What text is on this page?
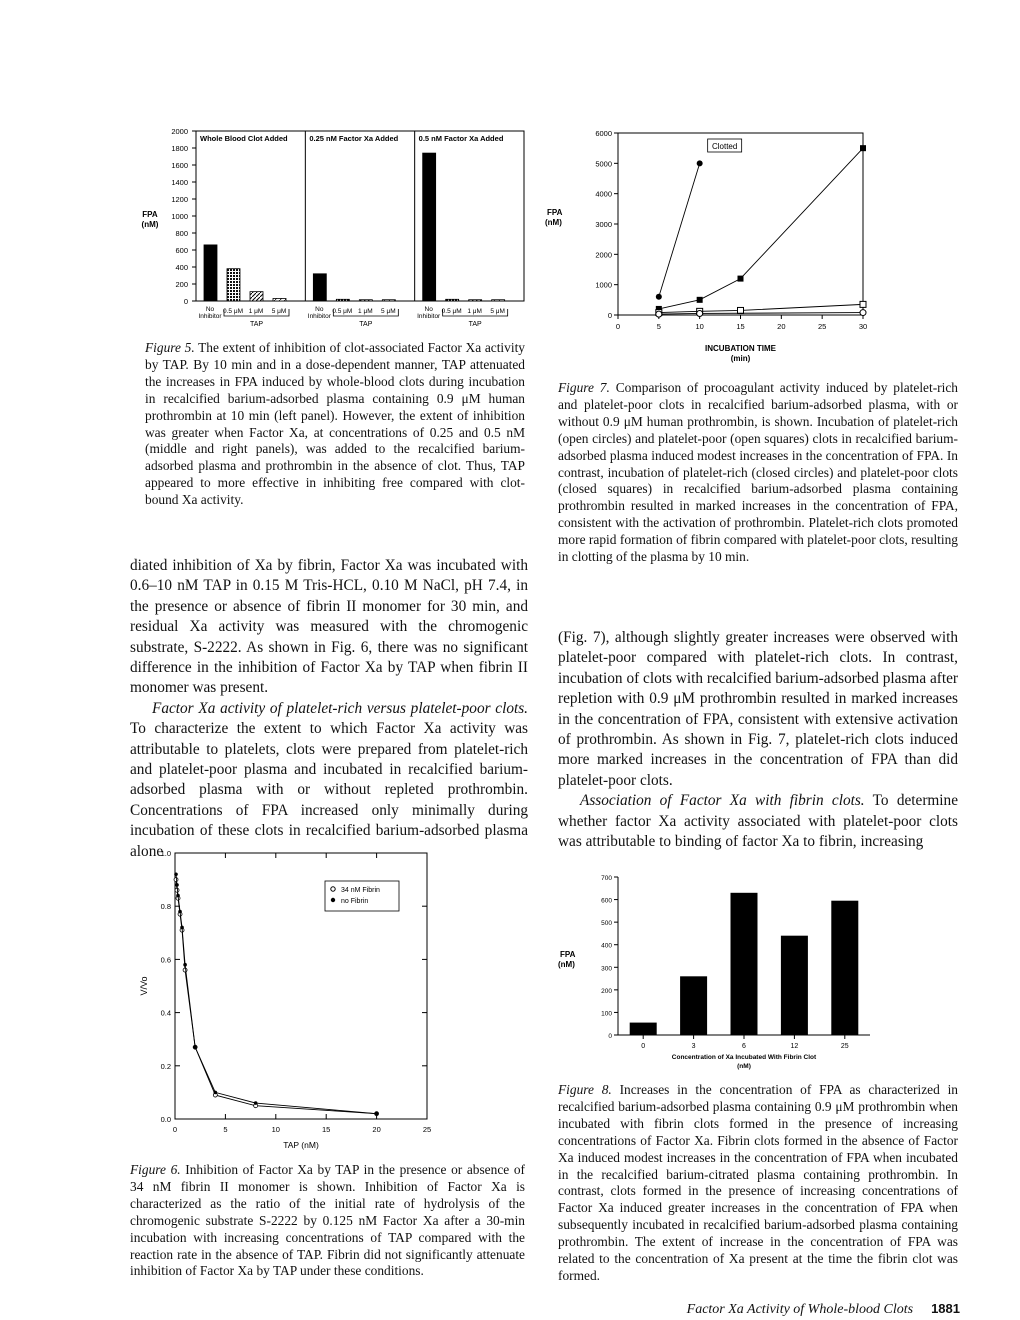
FPA
(nM)
2000
1800
1600
1400
1200
1000
800
600
400
200
0
Whole Blood Clot Added
No
Inhibitor
0.5 μM 1 μM 5 μM
TAP
0.25 nM Factor Xa Added
No
Inhibitor
0.5 μM 1 μM 5 μM
TAP
0.5 nM Factor Xa Added
No
Inhibitor
0.5 μM 1 μM 5 μM
TAP
Figure 5. The extent of inhibition of clot-associated Factor Xa activity by TAP. By 10 min and in a dose-dependent manner, TAP attenuated the increases in FPA induced by whole-blood clots during incubation in recalcified barium-adsorbed plasma containing 0.9 μM human prothrombin at 10 min (left panel). However, the extent of inhibition was greater when Factor Xa, at concentrations of 0.25 and 0.5 nM (middle and right panels), was added to the recalcified barium-adsorbed plasma and prothrombin in the absence of clot. Thus, TAP appeared to more effective in inhibiting free compared with clot-bound Xa activity.
6000
5000
4000
3000
2000
1000
0
0	5	10	15	20	25	30
FPA
(nM)
INCUBATION TIME
(min)
Clotted
Figure 7. Comparison of procoagulant activity induced by platelet-rich and platelet-poor clots in recalcified barium-adsorbed plasma, with or without 0.9 μM human prothrombin, is shown. Incubation of platelet-rich (open circles) and platelet-poor (open squares) clots in recalcified barium-adsorbed plasma induced modest increases in the concentration of FPA. In contrast, incubation of platelet-rich (closed circles) and platelet-poor clots (closed squares) in recalcified barium-adsorbed plasma containing prothrombin resulted in marked increases in the concentration of FPA, consistent with the activation of prothrombin. Platelet-rich clots promoted more rapid formation of fibrin compared with platelet-poor clots, resulting in clotting of the plasma by 10 min.

diated inhibition of Xa by fibrin, Factor Xa was incubated with 0.6–10 nM TAP in 0.15 M Tris-HCL, 0.10 M NaCl, pH 7.4, in the presence or absence of fibrin II monomer for 30 min, and residual Xa activity was measured with the chromogenic substrate, S-2222. As shown in Fig. 6, there was no significant difference in the inhibition of Factor Xa by TAP when fibrin II monomer was present.

Factor Xa activity of platelet-rich versus platelet-poor clots. To characterize the extent to which Factor Xa activity was attributable to platelets, clots were prepared from platelet-rich and platelet-poor plasma and incubated in recalcified barium-adsorbed plasma with or without repleted prothrombin. Concentrations of FPA increased only minimally during incubation of these clots in recalcified barium-adsorbed plasma alone

(Fig. 7), although slightly greater increases were observed with platelet-poor compared with platelet-rich clots. In contrast, incubation of clots with recalcified barium-adsorbed plasma after repletion with 0.9 μM prothrombin resulted in marked increases in the concentration of FPA, consistent with extensive activation of prothrombin. As shown in Fig. 7, platelet-rich clots induced more marked increases in the concentration of FPA than did platelet-poor clots.

Association of Factor Xa with fibrin clots. To determine whether factor Xa activity associated with platelet-poor clots was attributable to binding of factor Xa to fibrin, increasing

1.0
0.8
0.6
0.4
0.2
0.0
0	5	10	15	20	25
TAP (nM)
V/Vo
34 nM Fibrin
no Fibrin
Figure 6. Inhibition of Factor Xa by TAP in the presence or absence of 34 nM fibrin II monomer is shown. Inhibition of Factor Xa is characterized as the ratio of the initial rate of hydrolysis of the chromogenic substrate S-2222 by 0.125 nM Factor Xa after a 30-min incubation with increasing concentrations of TAP compared with the reaction rate in the absence of TAP. Fibrin did not significantly attenuate inhibition of Factor Xa by TAP under these conditions.
700
600
500
400
300
200
100
0
FPA
(nM)
0	3	6	12	25
Concentration of Xa Incubated With Fibrin Clot
(nM)
Figure 8. Increases in the concentration of FPA as characterized in recalcified barium-adsorbed plasma containing 0.9 μM prothrombin when incubated with fibrin clots formed in the presence of increasing concentrations of Factor Xa. Fibrin clots formed in the absence of Factor Xa induced modest increases in the concentration of FPA when incubated in the recalcified barium-citrated plasma containing prothrombin. In contrast, clots formed in the presence of increasing concentrations of Factor Xa induced greater increases in the concentration of FPA when subsequently incubated in recalcified barium-adsorbed plasma containing prothrombin. The extent of increase in the concentration of FPA was related to the concentration of Xa present at the time the fibrin clot was formed.
Factor Xa Activity of Whole-blood Clots 1881
